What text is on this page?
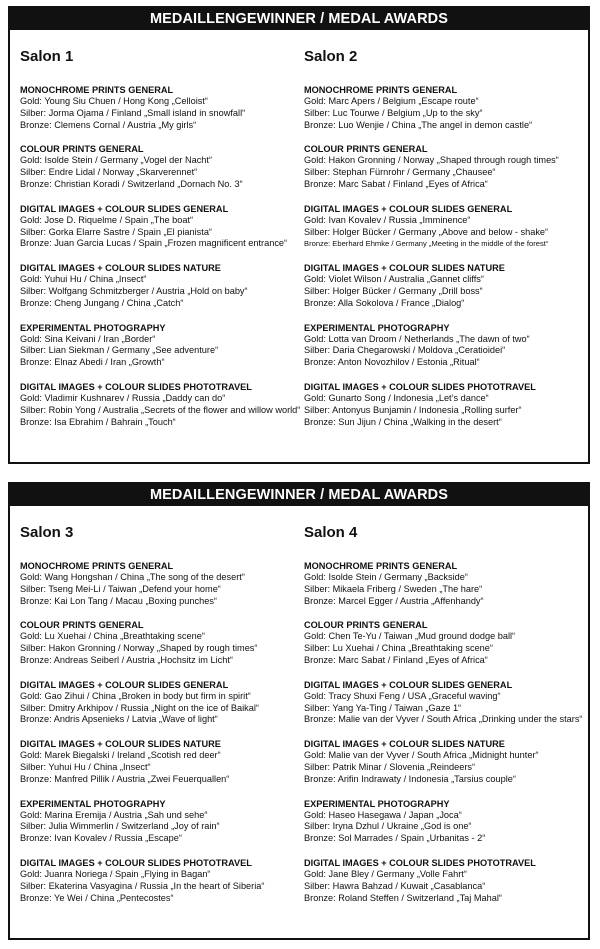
MEDAILLENGEWINNER / MEDAL AWARDS
Salon 1
MONOCHROME PRINTS GENERAL
Gold: Young Siu Chuen / Hong Kong „Celloist“
Silber: Jorma Ojama / Finland „Small island in snowfall“
Bronze: Clemens Cornal / Austria „My girls“
COLOUR PRINTS GENERAL
Gold: Isolde Stein / Germany „Vogel der Nacht“
Silber: Endre Lidal / Norway „Skarverennet“
Bronze: Christian Koradi / Switzerland „Dornach No. 3“
DIGITAL IMAGES + COLOUR SLIDES GENERAL
Gold: Jose D. Riquelme / Spain „The boat“
Silber: Gorka Elarre Sastre / Spain „El pianista“
Bronze: Juan Garcia Lucas / Spain „Frozen magnificent entrance“
DIGITAL IMAGES + COLOUR SLIDES NATURE
Gold: Yuhui Hu / China „Insect“
Silber: Wolfgang Schmitzberger / Austria „Hold on baby“
Bronze: Cheng Jungang / China „Catch“
EXPERIMENTAL PHOTOGRAPHY
Gold: Sina Keivani / Iran „Border“
Silber: Lian Siekman / Germany „See adventure“
Bronze: Elnaz Abedi / Iran „Growth“
DIGITAL IMAGES + COLOUR SLIDES PHOTOTRAVEL
Gold: Vladimir Kushnarev / Russia „Daddy can do“
Silber: Robin Yong / Australia „Secrets of the flower and willow world“
Bronze: Isa Ebrahim / Bahrain „Touch“
Salon 2
MONOCHROME PRINTS GENERAL
Gold: Marc Apers / Belgium „Escape route“
Silber: Luc Tourwe / Belgium „Up to the sky“
Bronze: Luo Wenjie / China „The angel in demon castle“
COLOUR PRINTS GENERAL
Gold: Hakon Gronning / Norway „Shaped through rough times“
Silber: Stephan Fürnrohr / Germany „Chausee“
Bronze: Marc Sabat / Finland „Eyes of Africa“
DIGITAL IMAGES + COLOUR SLIDES GENERAL
Gold: Ivan Kovalev / Russia „Imminence“
Silber: Holger Bücker / Germany „Above and below - shake“
Bronze: Eberhard Ehmke / Germany „Meeting in the middle of the forest“
DIGITAL IMAGES + COLOUR SLIDES NATURE
Gold: Violet Wilson / Australia „Gannet cliffs“
Silber: Holger Bücker / Germany „Drill boss“
Bronze: Alla Sokolova / France „Dialog“
EXPERIMENTAL PHOTOGRAPHY
Gold: Lotta van Droom / Netherlands „The dawn of two“
Silber: Daria Chegarowski / Moldova „Ceratioidei“
Bronze: Anton Novozhilov / Estonia „Ritual“
DIGITAL IMAGES + COLOUR SLIDES PHOTOTRAVEL
Gold: Gunarto Song / Indonesia „Let’s dance“
Silber: Antonyus Bunjamin / Indonesia „Rolling surfer“
Bronze: Sun Jijun / China „Walking in the desert“
MEDAILLENGEWINNER / MEDAL AWARDS
Salon 3
MONOCHROME PRINTS GENERAL
Gold: Wang Hongshan / China „The song of the desert“
Silber: Tseng Mei-Li / Taiwan „Defend your home“
Bronze: Kai Lon Tang / Macau „Boxing punches“
COLOUR PRINTS GENERAL
Gold: Lu Xuehai / China „Breathtaking scene“
Silber: Hakon Gronning / Norway „Shaped by rough times“
Bronze: Andreas Seiberl / Austria „Hochsitz im Licht“
DIGITAL IMAGES + COLOUR SLIDES GENERAL
Gold: Gao Zihui / China „Broken in body but firm in spirit“
Silber: Dmitry Arkhipov / Russia „Night on the ice of Baikal“
Bronze: Andris Apsenieks / Latvia „Wave of light“
DIGITAL IMAGES + COLOUR SLIDES NATURE
Gold: Marek Biegalski / Ireland „Scotish red deer“
Silber: Yuhui Hu / China „Insect“
Bronze: Manfred Pillik / Austria „Zwei Feuerquallen“
EXPERIMENTAL PHOTOGRAPHY
Gold: Marina Eremija / Austria „Sah und sehe“
Silber: Julia Wimmerlin / Switzerland „Joy of rain“
Bronze: Ivan Kovalev / Russia „Escape“
DIGITAL IMAGES + COLOUR SLIDES PHOTOTRAVEL
Gold: Juanra Noriega / Spain „Flying in Bagan“
Silber: Ekaterina Vasyagina / Russia „In the heart of Siberia“
Bronze: Ye Wei / China „Pentecostes“
Salon 4
MONOCHROME PRINTS GENERAL
Gold: Isolde Stein / Germany „Backside“
Silber: Mikaela Friberg / Sweden „The hare“
Bronze: Marcel Egger / Austria „Affenhandy“
COLOUR PRINTS GENERAL
Gold: Chen Te-Yu / Taiwan „Mud ground dodge ball“
Silber: Lu Xuehai / China „Breathtaking scene“
Bronze: Marc Sabat / Finland „Eyes of Africa“
DIGITAL IMAGES + COLOUR SLIDES GENERAL
Gold: Tracy Shuxi Feng / USA „Graceful waving“
Silber: Yang Ya-Ting / Taiwan „Gaze 1“
Bronze: Malie van der Vyver / South Africa „Drinking under the stars“
DIGITAL IMAGES + COLOUR SLIDES NATURE
Gold: Malie van der Vyver / South Africa „Midnight hunter“
Silber: Patrik Minar / Slovenia „Reindeers“
Bronze: Arifin Indrawaty / Indonesia „Tarsius couple“
EXPERIMENTAL PHOTOGRAPHY
Gold: Haseo Hasegawa / Japan „Joca“
Silber: Iryna Dzhul / Ukraine „God is one“
Bronze: Sol Marrades / Spain „Urbanitas - 2“
DIGITAL IMAGES + COLOUR SLIDES PHOTOTRAVEL
Gold: Jane Bley / Germany „Volle Fahrt“
Silber: Hawra Bahzad / Kuwait „Casablanca“
Bronze: Roland Steffen / Switzerland „Taj Mahal“
